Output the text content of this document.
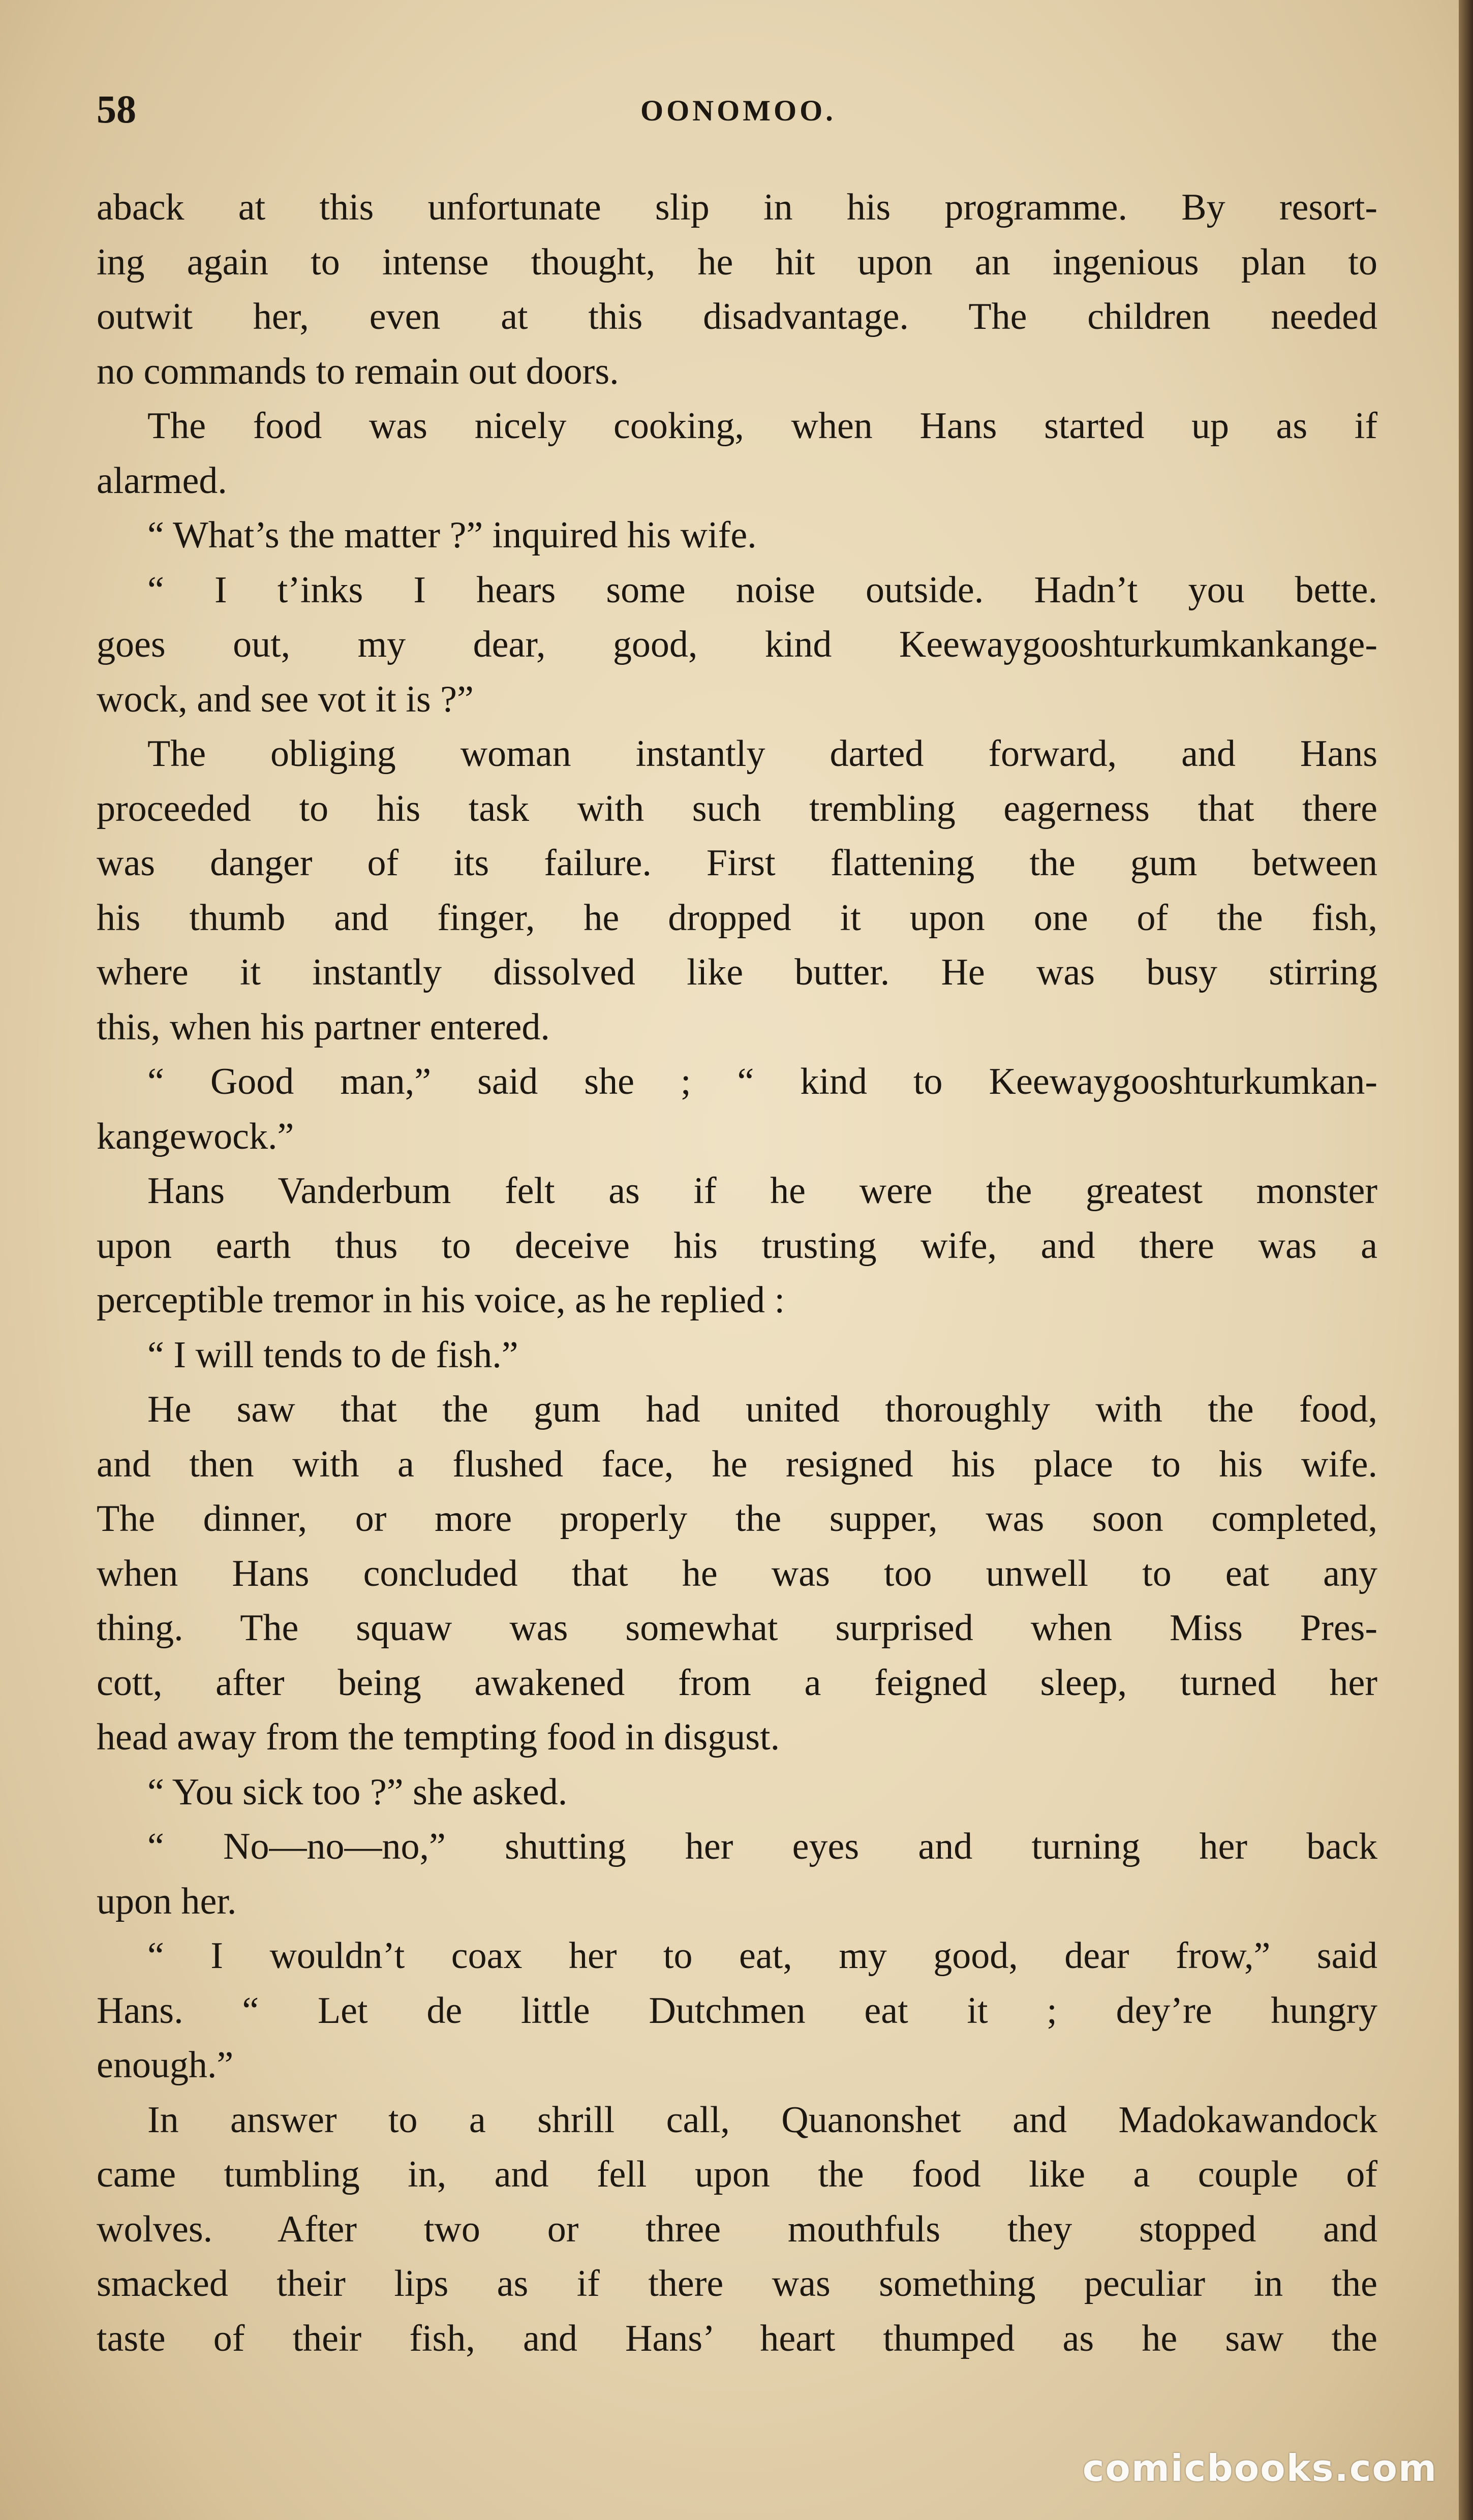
58	OONOMOO.
aback at this unfortunate slip in his programme. By resort-
ing again to intense thought, he hit upon an ingenious plan to
outwit her, even at this disadvantage. The children needed
no commands to remain out doors.
The food was nicely cooking, when Hans started up as if
alarmed.
“ What’s the matter ?” inquired his wife.
“ I t’inks I hears some noise outside. Hadn’t you bette.
goes out, my dear, good, kind Keewaygooshturkumkankange-
wock, and see vot it is ?”
The obliging woman instantly darted forward, and Hans
proceeded to his task with such trembling eagerness that there
was danger of its failure. First flattening the gum between
his thumb and finger, he dropped it upon one of the fish,
where it instantly dissolved like butter. He was busy stirring
this, when his partner entered.
“ Good man,” said she ; “ kind to Keewaygooshturkumkan-
kangewock.”
Hans Vanderbum felt as if he were the greatest monster
upon earth thus to deceive his trusting wife, and there was a
perceptible tremor in his voice, as he replied :
“ I will tends to de fish.”
He saw that the gum had united thoroughly with the food,
and then with a flushed face, he resigned his place to his wife.
The dinner, or more properly the supper, was soon completed,
when Hans concluded that he was too unwell to eat any
thing. The squaw was somewhat surprised when Miss Pres-
cott, after being awakened from a feigned sleep, turned her
head away from the tempting food in disgust.
“ You sick too ?” she asked.
“ No—no—no,” shutting her eyes and turning her back
upon her.
“ I wouldn’t coax her to eat, my good, dear frow,” said
Hans. “ Let de little Dutchmen eat it ; dey’re hungry
enough.”
In answer to a shrill call, Quanonshet and Madokawandock
came tumbling in, and fell upon the food like a couple of
wolves. After two or three mouthfuls they stopped and
smacked their lips as if there was something peculiar in the
taste of their fish, and Hans’ heart thumped as he saw the
comicbooks.com
